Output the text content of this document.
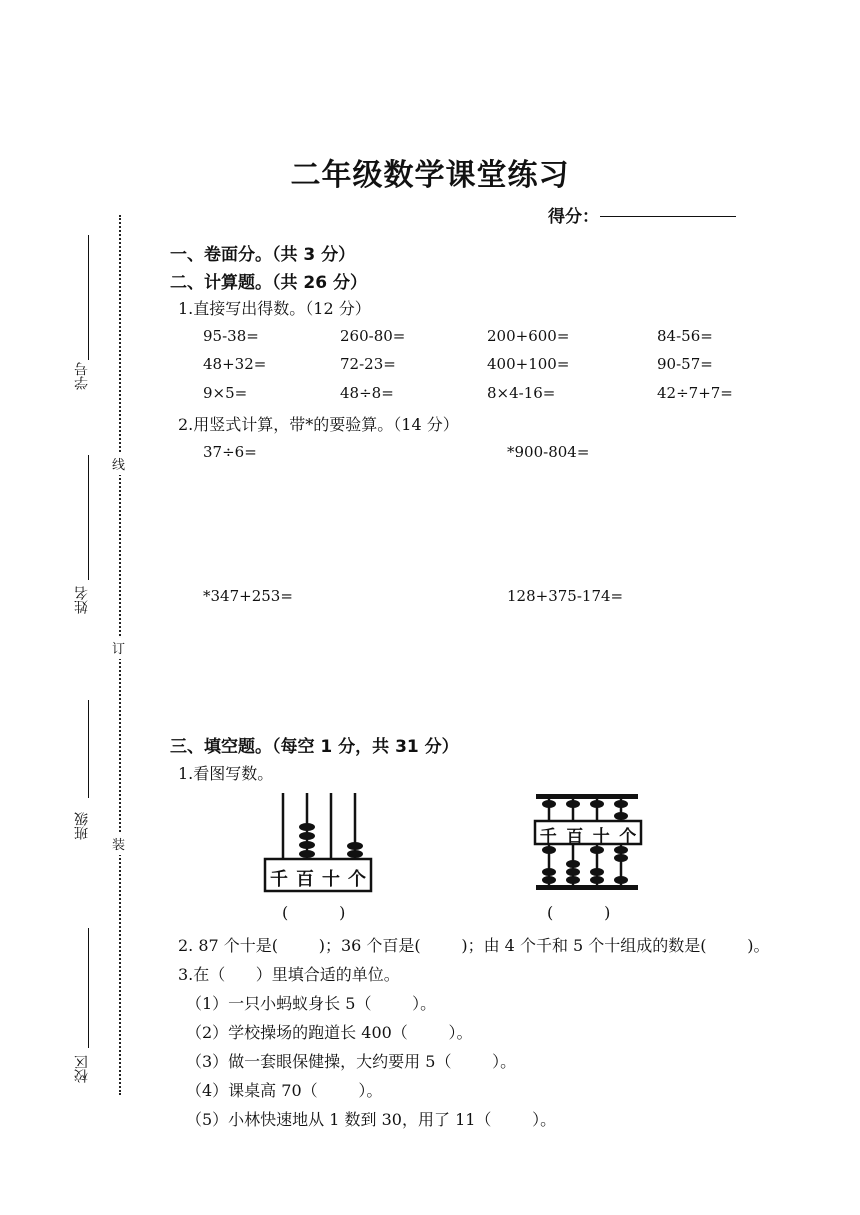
线
订
装
学号
姓名
班级
校区
二年级数学课堂练习
得分：
一、卷面分。（共 3 分）
二、计算题。（共 26 分）
1.直接写出得数。（12 分）
95-38=	260-80=	200+600=	84-56=
48+32=	72-23=	400+100=	90-57=
9×5=	48÷8=	8×4-16=	42÷7+7=
2.用竖式计算，带*的要验算。（14 分）
37÷6=	*900-804=
*347+253=	128+375-174=
三、填空题。（每空 1 分，共 31 分）
1.看图写数。
千 百 十 个
千 百 十 个
(          )	(          )
2. 87 个十是(        )；36 个百是(        )；由 4 个千和 5 个十组成的数是(        )。
3.在（      ）里填合适的单位。
（1）一只小蚂蚁身长 5（        ）。
（2）学校操场的跑道长 400（        ）。
（3）做一套眼保健操，大约要用 5（        ）。
（4）课桌高 70（        ）。
（5）小林快速地从 1 数到 30，用了 11（        ）。
